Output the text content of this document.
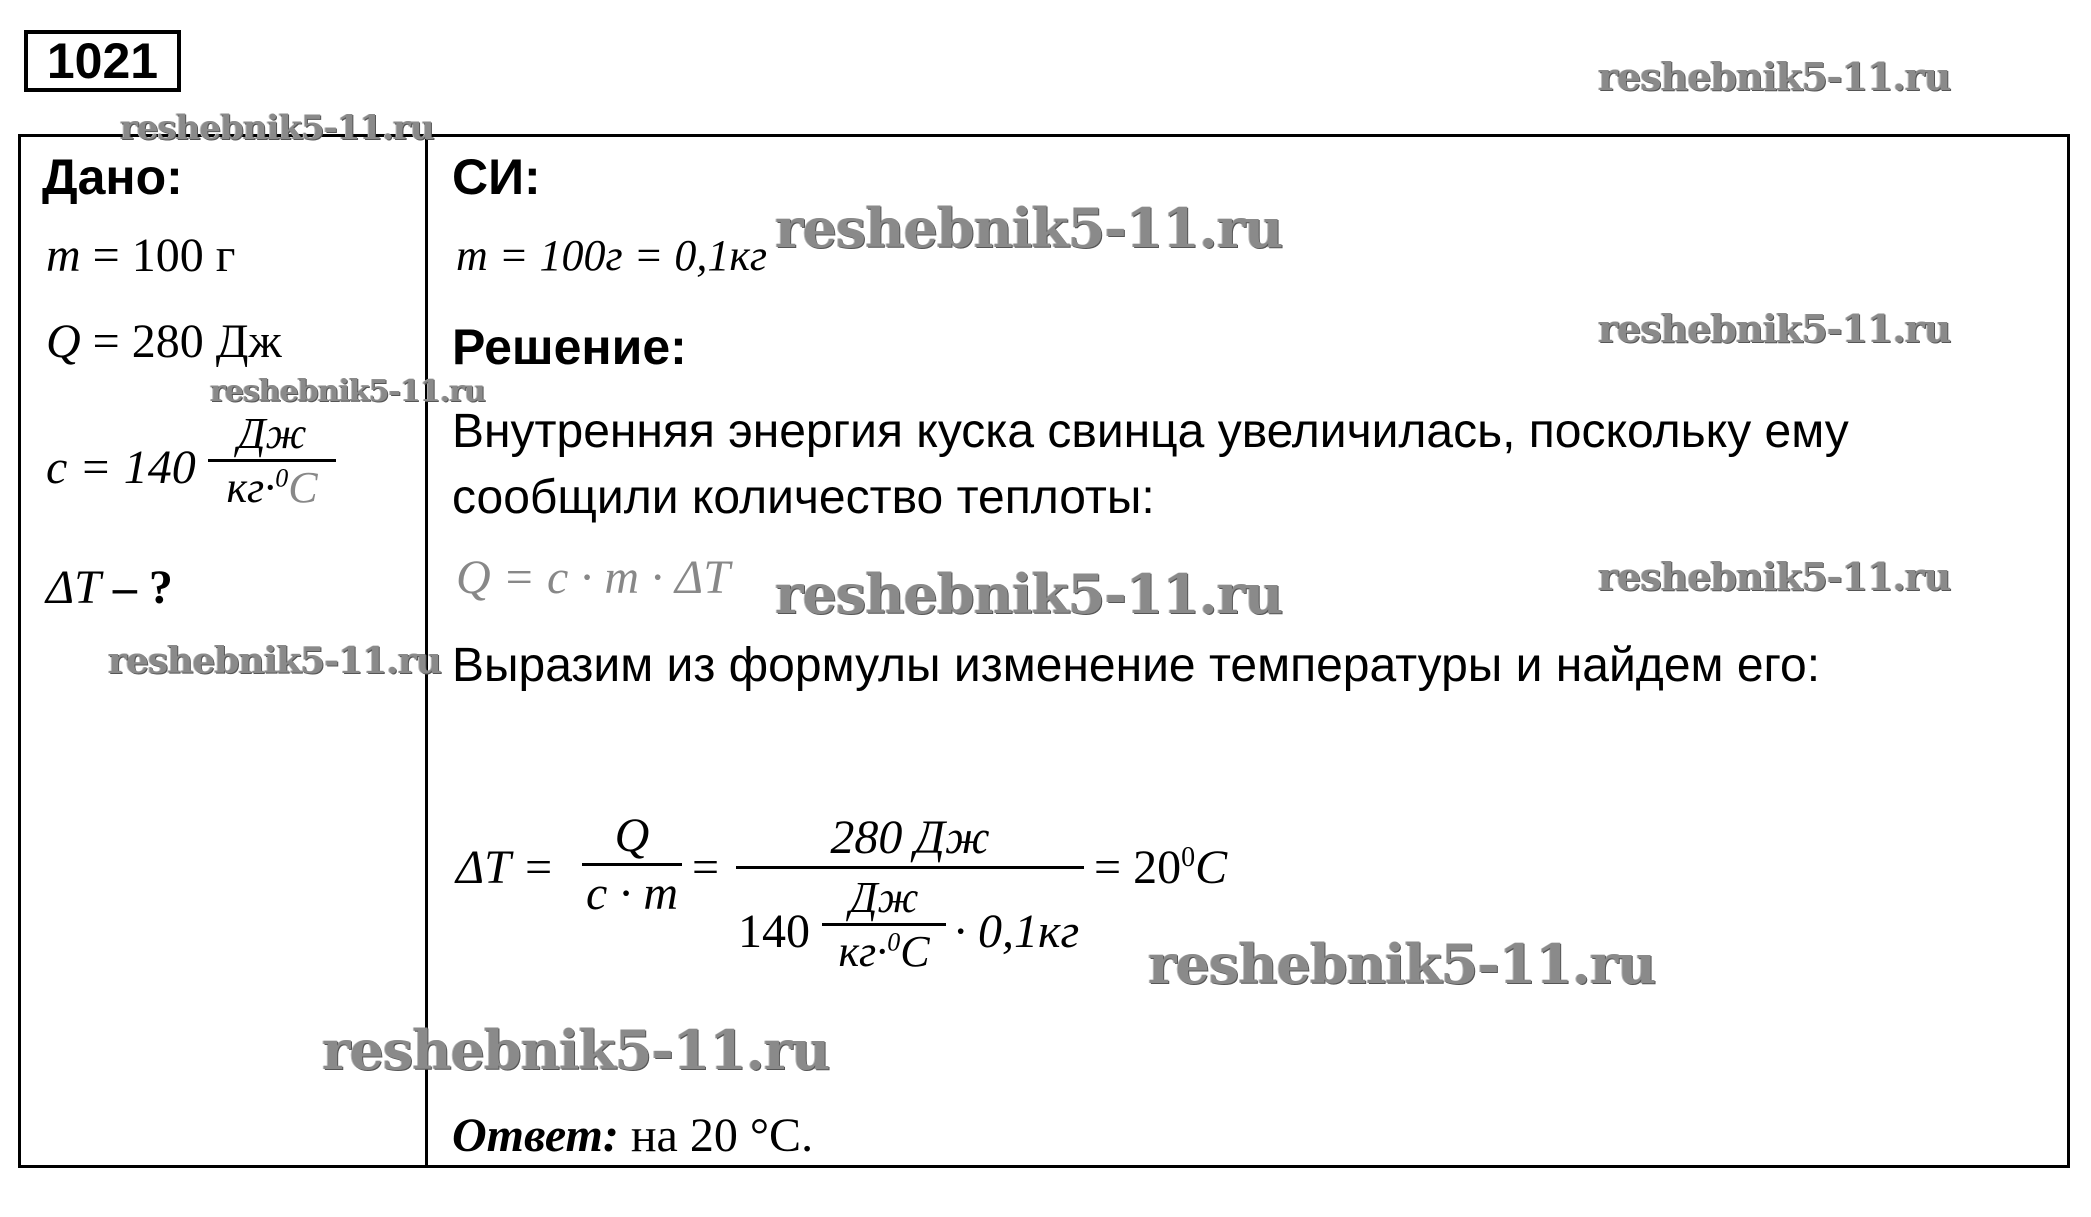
1021	reshebnik5-11.ru
reshebnik5-11.ru
reshebnik5-11.ru
reshebnik5-11.ru
reshebnik5-11.ru
reshebnik5-11.ru
reshebnik5-11.ru
reshebnik5-11.ru
reshebnik5-11.ru
reshebnik5-11.ru
Дано:
m = 100 г
Q = 280 Дж
c = 140
Дж
кг·$^0$C
ΔT – ?
СИ:
m = 100г = 0,1кг
Решение:
Внутренняя энергия куска свинца увеличилась, поскольку ему
сообщили количество теплоты:
Q = c · m · ΔT
Выразим из формулы изменение температуры и найдем его:
ΔT =
Q
c · m =
280 Дж
140
Дж
кг·$^0$C · 0,1кг
= $20^0C$
Ответ: на 20 °С.
